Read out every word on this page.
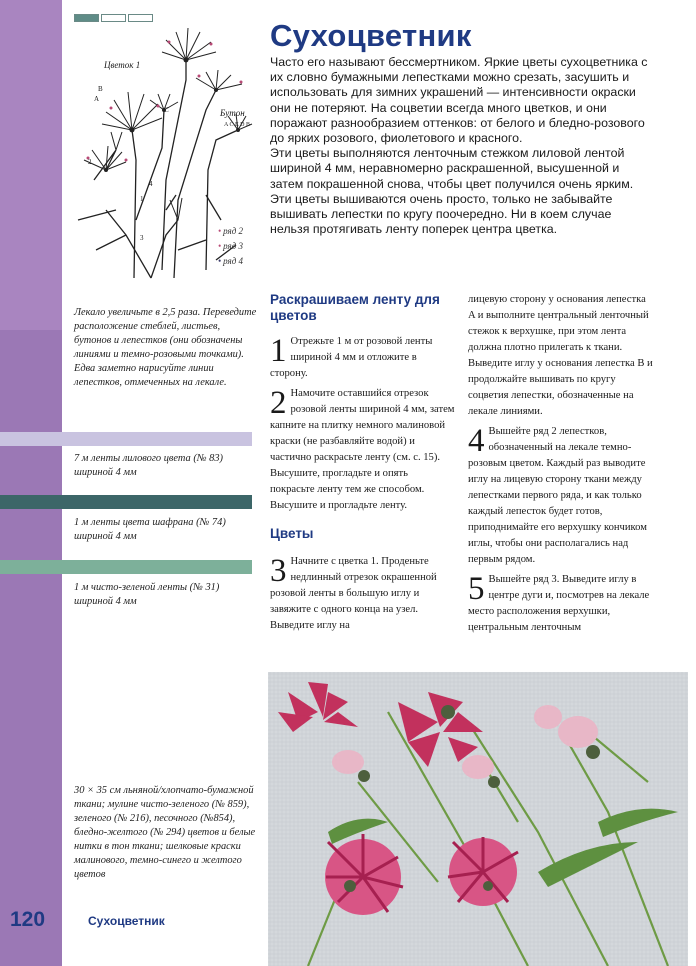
Цветок 1
Бутон
A C E D B
B
A
C
2
1
3
4
• ряд 2
• ряд 3
• ряд 4
Лекало увеличьте в 2,5 раза. Переведите расположение стеблей, листьев, бутонов и лепестков (они обозначены линиями и темно-розовыми точками). Едва заметно нарисуйте линии лепестков, отмеченных на лекале.
7 м ленты лилового цвета (№ 83) шириной 4 мм
1 м ленты цвета шафрана (№ 74) шириной 4 мм
1 м чисто-зеленой ленты (№ 31) шириной 4 мм
30 × 35 см льняной/хлопчато-бумажной ткани; мулине чисто-зеленого (№ 859), зеленого (№ 216), песочного (№854), бледно-желтого (№ 294) цветов и белые нитки в тон ткани; шелковые краски малинового, темно-синего и желтого цветов
120	Сухоцветник
Сухоцветник

Часто его называют бессмертником. Яркие цветы сухоцветника с их словно бумажными лепестками можно срезать, засушить и использовать для зимних украшений — интенсивности окраски они не потеряют. На соцветии всегда много цветков, и они поражают разнообразием оттенков: от белого и бледно-розового до ярких розового, фиолетового и красного.

Эти цветы выполняются ленточным стежком лиловой лентой шириной 4 мм, неравномерно раскрашенной, высушенной и затем покрашенной снова, чтобы цвет получился очень ярким. Эти цветы вышиваются очень просто, только не забывайте вышивать лепестки по кругу поочередно. Ни в коем случае нельзя протягивать ленту поперек центра цветка.

Раскрашиваем ленту для цветов

1 Отрежьте 1 м от розовой ленты шириной 4 мм и отложите в сторону.

2 Намочите оставшийся отрезок розовой ленты шириной 4 мм, затем капните на плитку немного малиновой краски (не разбавляйте водой) и частично раскрасьте ленту (см. с. 15). Высушите, прогладьте и опять покрасьте ленту тем же способом. Высушите и прогладьте ленту.

Цветы

3 Начните с цветка 1. Проденьте недлинный отрезок окрашенной розовой ленты в большую иглу и завяжите с одного конца на узел. Выведите иглу на

лицевую сторону у основания лепестка A и выполните центральный ленточный стежок к верхушке, при этом лента должна плотно прилегать к ткани. Выведите иглу у основания лепестка B и продолжайте вышивать по кругу соцветия лепестки, обозначенные на лекале линиями.

4 Вышейте ряд 2 лепестков, обозначенный на лекале темно-розовым цветом. Каждый раз выводите иглу на лицевую сторону ткани между лепестками первого ряда, и как только каждый лепесток будет готов, приподнимайте его верхушку кончиком иглы, чтобы они располагались над первым рядом.

5 Вышейте ряд 3. Выведите иглу в центре дуги и, посмотрев на лекале место расположения верхушки, центральным ленточным
